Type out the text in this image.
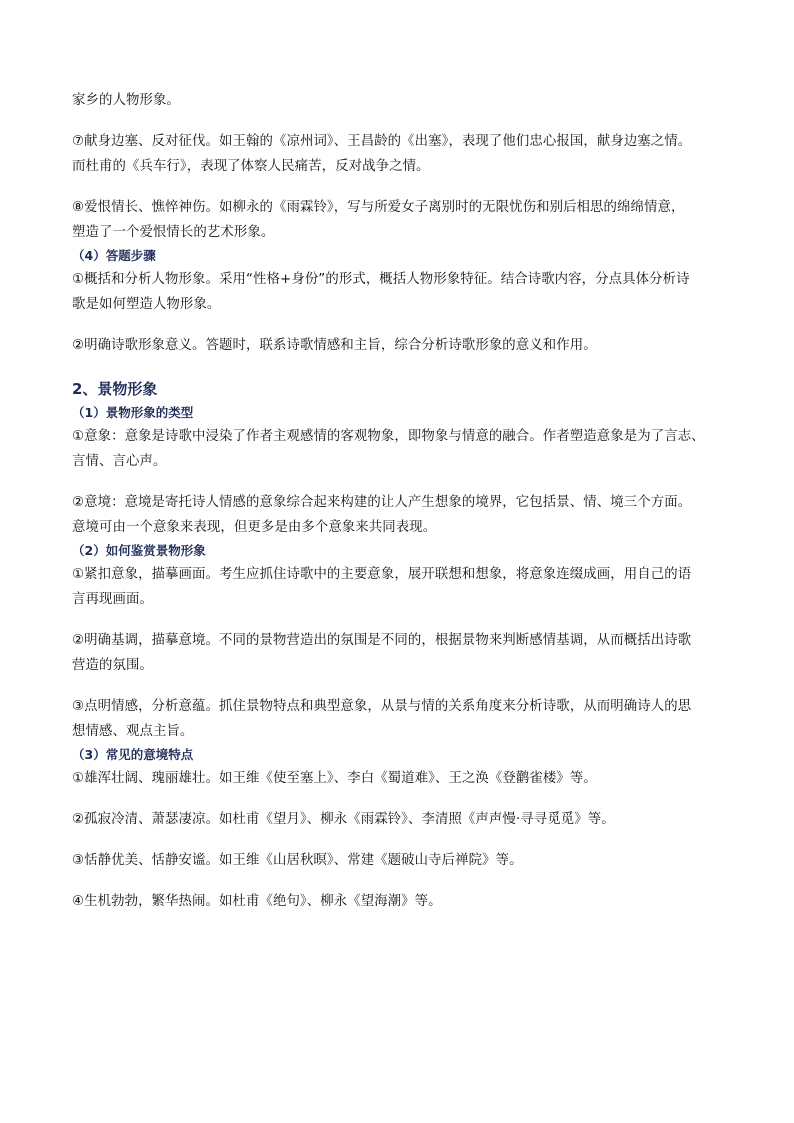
家乡的人物形象。

⑦献身边塞、反对征伐。如王翰的《凉州词》、王昌龄的《出塞》，表现了他们忠心报国，献身边塞之情。

而杜甫的《兵车行》，表现了体察人民痛苦，反对战争之情。

⑧爱恨情长、憔悴神伤。如柳永的《雨霖铃》，写与所爱女子离别时的无限忧伤和别后相思的绵绵情意，

塑造了一个爱恨情长的艺术形象。

（4）答题步骤

①概括和分析人物形象。采用“性格+身份”的形式，概括人物形象特征。结合诗歌内容，分点具体分析诗

歌是如何塑造人物形象。

②明确诗歌形象意义。答题时，联系诗歌情感和主旨，综合分析诗歌形象的意义和作用。

2、景物形象

（1）景物形象的类型

①意象：意象是诗歌中浸染了作者主观感情的客观物象，即物象与情意的融合。作者塑造意象是为了言志、

言情、言心声。

②意境：意境是寄托诗人情感的意象综合起来构建的让人产生想象的境界，它包括景、情、境三个方面。

意境可由一个意象来表现，但更多是由多个意象来共同表现。

（2）如何鉴赏景物形象

①紧扣意象，描摹画面。考生应抓住诗歌中的主要意象，展开联想和想象，将意象连缀成画，用自己的语

言再现画面。

②明确基调，描摹意境。不同的景物营造出的氛围是不同的，根据景物来判断感情基调，从而概括出诗歌

营造的氛围。

③点明情感，分析意蕴。抓住景物特点和典型意象，从景与情的关系角度来分析诗歌，从而明确诗人的思

想情感、观点主旨。

（3）常见的意境特点

①雄浑壮阔、瑰丽雄壮。如王维《使至塞上》、李白《蜀道难》、王之涣《登鹳雀楼》等。

②孤寂冷清、萧瑟凄凉。如杜甫《望月》、柳永《雨霖铃》、李清照《声声慢·寻寻觅觅》等。

③恬静优美、恬静安谧。如王维《山居秋暝》、常建《题破山寺后禅院》等。

④生机勃勃，繁华热闹。如杜甫《绝句》、柳永《望海潮》等。
